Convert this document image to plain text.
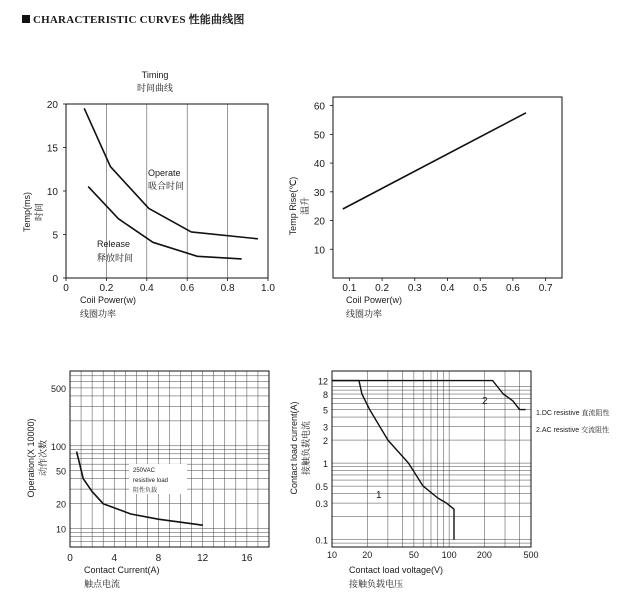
CHARACTERISTIC CURVES 性能曲线图
0	0.2	0.4	0.6	0.8	1.0
0
5
10
15
20
Timing
时间曲线
Operate
吸合时间
Release
释放时间
Coil Power(w)
线圈功率
Temp(ms) 时间
0.1 0.2 0.3 0.4 0.5 0.6 0.7
10
20
30
40
50
60
Coil Power(w)
线圈功率
Temp Rise(℃) 温升
0	4	8	12	16
500
100
50
20
10
250VAC
resistive load
阻性负载
Contact Current(A)
触点电流
Operation(X 10000) 动作次数
10	20	50	100 200	500
12
8
5
3
2
1
0.5
0.3
0.1
1
2
1.DC resistive 直流阻性
2.AC resistive 交流阻性
Contact load voltage(V)
接触负载电压
Contact load current(A) 接触负载电流
